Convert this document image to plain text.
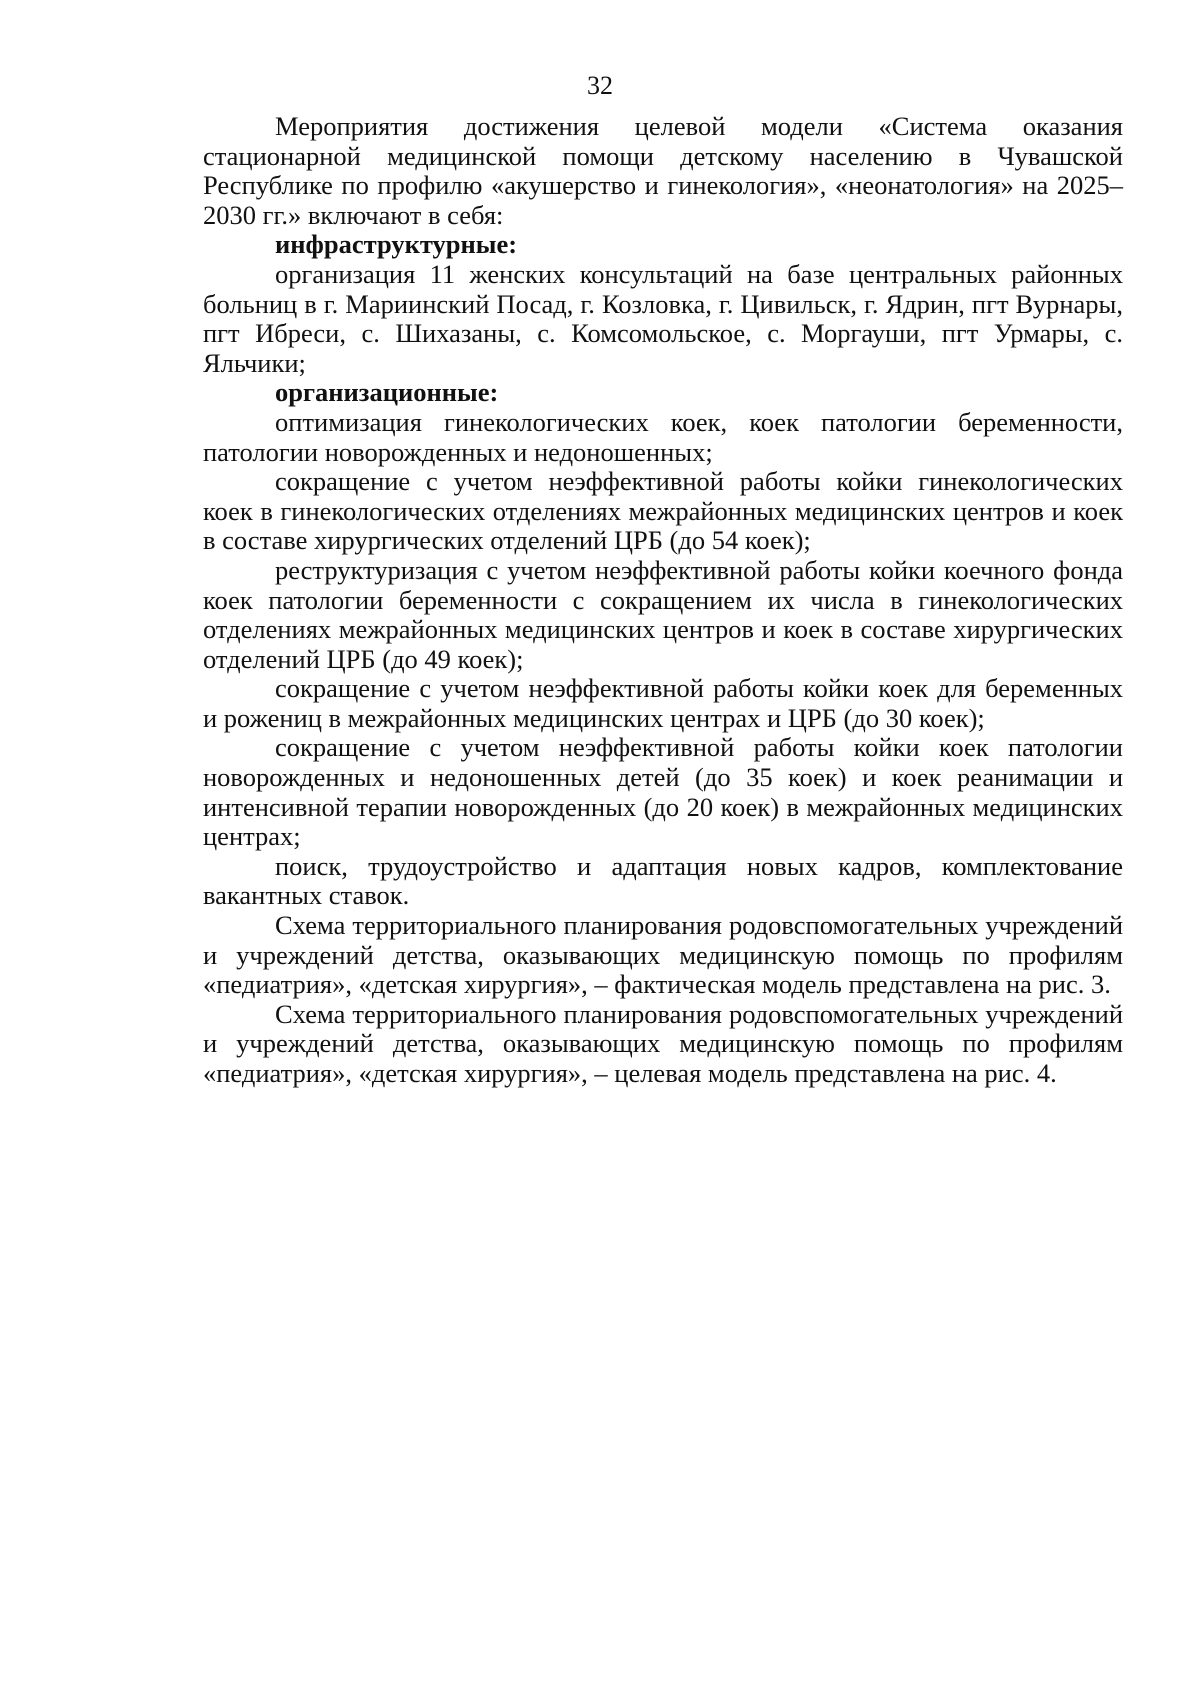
32

Мероприятия достижения целевой модели «Система оказания стационарной медицинской помощи детскому населению в Чувашской Республике по профилю «акушерство и гинекология», «неонатология» на 2025–2030 гг.» включают в себя:

инфраструктурные:

организация 11 женских консультаций на базе центральных районных больниц в г. Мариинский Посад, г. Козловка, г. Цивильск, г. Ядрин, пгт Вурнары, пгт Ибреси, с. Шихазаны, с. Комсомольское, с. Моргауши, пгт Урмары, с. Яльчики;

организационные:

оптимизация гинекологических коек, коек патологии беременности, патологии новорожденных и недоношенных;

сокращение с учетом неэффективной работы койки гинекологических коек в гинекологических отделениях межрайонных медицинских центров и коек в составе хирургических отделений ЦРБ (до 54 коек);

реструктуризация с учетом неэффективной работы койки коечного фонда коек патологии беременности с сокращением их числа в гинекологических отделениях межрайонных медицинских центров и коек в составе хирургических отделений ЦРБ (до 49 коек);

сокращение с учетом неэффективной работы койки коек для беременных и рожениц в межрайонных медицинских центрах и ЦРБ (до 30 коек);

сокращение с учетом неэффективной работы койки коек патологии новорожденных и недоношенных детей (до 35 коек) и коек реанимации и интенсивной терапии новорожденных (до 20 коек) в межрайонных медицинских центрах;

поиск, трудоустройство и адаптация новых кадров, комплектование вакантных ставок.

Схема территориального планирования родовспомогательных учреждений и учреждений детства, оказывающих медицинскую помощь по профилям «педиатрия», «детская хирургия», – фактическая модель представлена на рис. 3.

Схема территориального планирования родовспомогательных учреждений и учреждений детства, оказывающих медицинскую помощь по профилям «педиатрия», «детская хирургия», – целевая модель представлена на рис. 4.
